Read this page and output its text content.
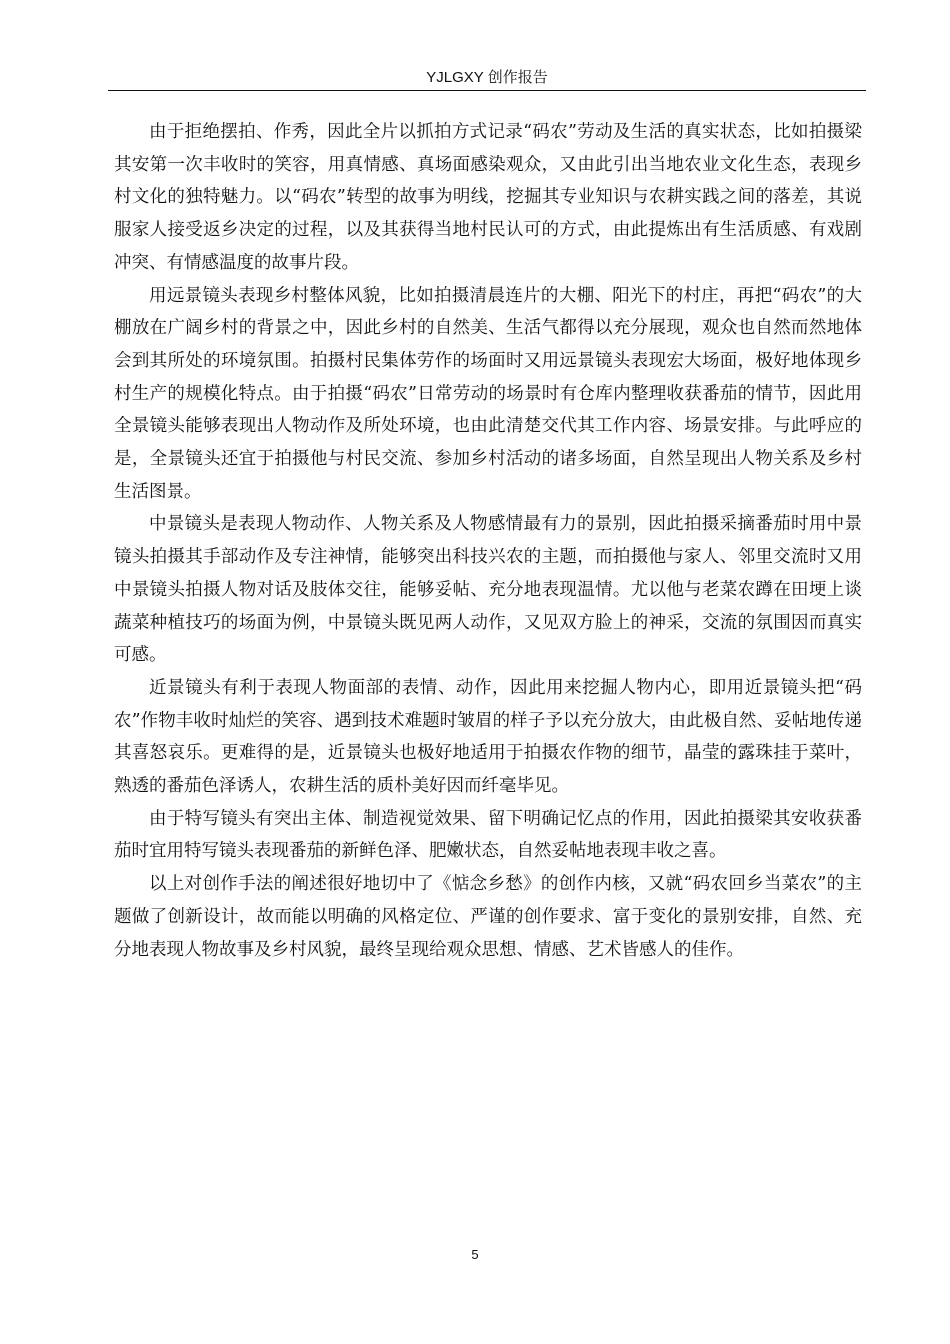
YJLGXY 创作报告

由于拒绝摆拍、作秀，因此全片以抓拍方式记录“码农”劳动及生活的真实状态，比如拍摄梁其安第一次丰收时的笑容，用真情感、真场面感染观众，又由此引出当地农业文化生态，表现乡村文化的独特魅力。以“码农”转型的故事为明线，挖掘其专业知识与农耕实践之间的落差，其说服家人接受返乡决定的过程，以及其获得当地村民认可的方式，由此提炼出有生活质感、有戏剧冲突、有情感温度的故事片段。

用远景镜头表现乡村整体风貌，比如拍摄清晨连片的大棚、阳光下的村庄，再把“码农”的大棚放在广阔乡村的背景之中，因此乡村的自然美、生活气都得以充分展现，观众也自然而然地体会到其所处的环境氛围。拍摄村民集体劳作的场面时又用远景镜头表现宏大场面，极好地体现乡村生产的规模化特点。由于拍摄“码农”日常劳动的场景时有仓库内整理收获番茄的情节，因此用全景镜头能够表现出人物动作及所处环境，也由此清楚交代其工作内容、场景安排。与此呼应的是，全景镜头还宜于拍摄他与村民交流、参加乡村活动的诸多场面，自然呈现出人物关系及乡村生活图景。

中景镜头是表现人物动作、人物关系及人物感情最有力的景别，因此拍摄采摘番茄时用中景镜头拍摄其手部动作及专注神情，能够突出科技兴农的主题，而拍摄他与家人、邻里交流时又用中景镜头拍摄人物对话及肢体交往，能够妥帖、充分地表现温情。尤以他与老菜农蹲在田埂上谈蔬菜种植技巧的场面为例，中景镜头既见两人动作，又见双方脸上的神采，交流的氛围因而真实可感。

近景镜头有利于表现人物面部的表情、动作，因此用来挖掘人物内心，即用近景镜头把“码农”作物丰收时灿烂的笑容、遇到技术难题时皱眉的样子予以充分放大，由此极自然、妥帖地传递其喜怒哀乐。更难得的是，近景镜头也极好地适用于拍摄农作物的细节，晶莹的露珠挂于菜叶，熟透的番茄色泽诱人，农耕生活的质朴美好因而纤毫毕见。

由于特写镜头有突出主体、制造视觉效果、留下明确记忆点的作用，因此拍摄梁其安收获番茄时宜用特写镜头表现番茄的新鲜色泽、肥嫩状态，自然妥帖地表现丰收之喜。

以上对创作手法的阐述很好地切中了《惦念乡愁》的创作内核，又就“码农回乡当菜农”的主题做了创新设计，故而能以明确的风格定位、严谨的创作要求、富于变化的景别安排，自然、充分地表现人物故事及乡村风貌，最终呈现给观众思想、情感、艺术皆感人的佳作。

5
